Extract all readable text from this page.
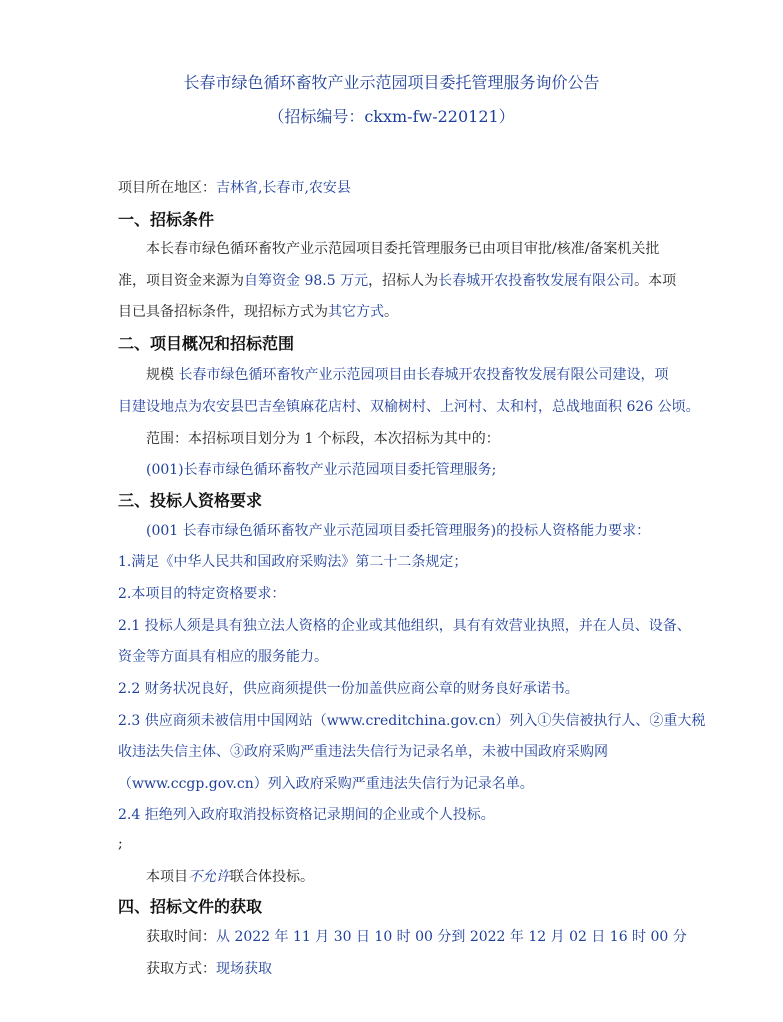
长春市绿色循环畜牧产业示范园项目委托管理服务询价公告
（招标编号：ckxm-fw-220121）
项目所在地区：吉林省,长春市,农安县
一、招标条件
本长春市绿色循环畜牧产业示范园项目委托管理服务已由项目审批/核准/备案机关批
准，项目资金来源为自筹资金 98.5 万元，招标人为长春城开农投畜牧发展有限公司。本项
目已具备招标条件，现招标方式为其它方式。
二、项目概况和招标范围
规模 长春市绿色循环畜牧产业示范园项目由长春城开农投畜牧发展有限公司建设，项
目建设地点为农安县巴吉垒镇麻花店村、双榆树村、上河村、太和村，总战地面积 626 公顷。
范围：本招标项目划分为 1 个标段，本次招标为其中的：
(001)长春市绿色循环畜牧产业示范园项目委托管理服务;
三、投标人资格要求
(001 长春市绿色循环畜牧产业示范园项目委托管理服务)的投标人资格能力要求：
1.满足《中华人民共和国政府采购法》第二十二条规定；
2.本项目的特定资格要求：
2.1 投标人须是具有独立法人资格的企业或其他组织，具有有效营业执照，并在人员、设备、
资金等方面具有相应的服务能力。
2.2 财务状况良好，供应商须提供一份加盖供应商公章的财务良好承诺书。
2.3 供应商须未被信用中国网站（www.creditchina.gov.cn）列入①失信被执行人、②重大税
收违法失信主体、③政府采购严重违法失信行为记录名单，未被中国政府采购网
（www.ccgp.gov.cn）列入政府采购严重违法失信行为记录名单。
2.4 拒绝列入政府取消投标资格记录期间的企业或个人投标。
;
本项目不允许联合体投标。
四、招标文件的获取
获取时间：从 2022 年 11 月 30 日 10 时 00 分到 2022 年 12 月 02 日 16 时 00 分
获取方式：现场获取
